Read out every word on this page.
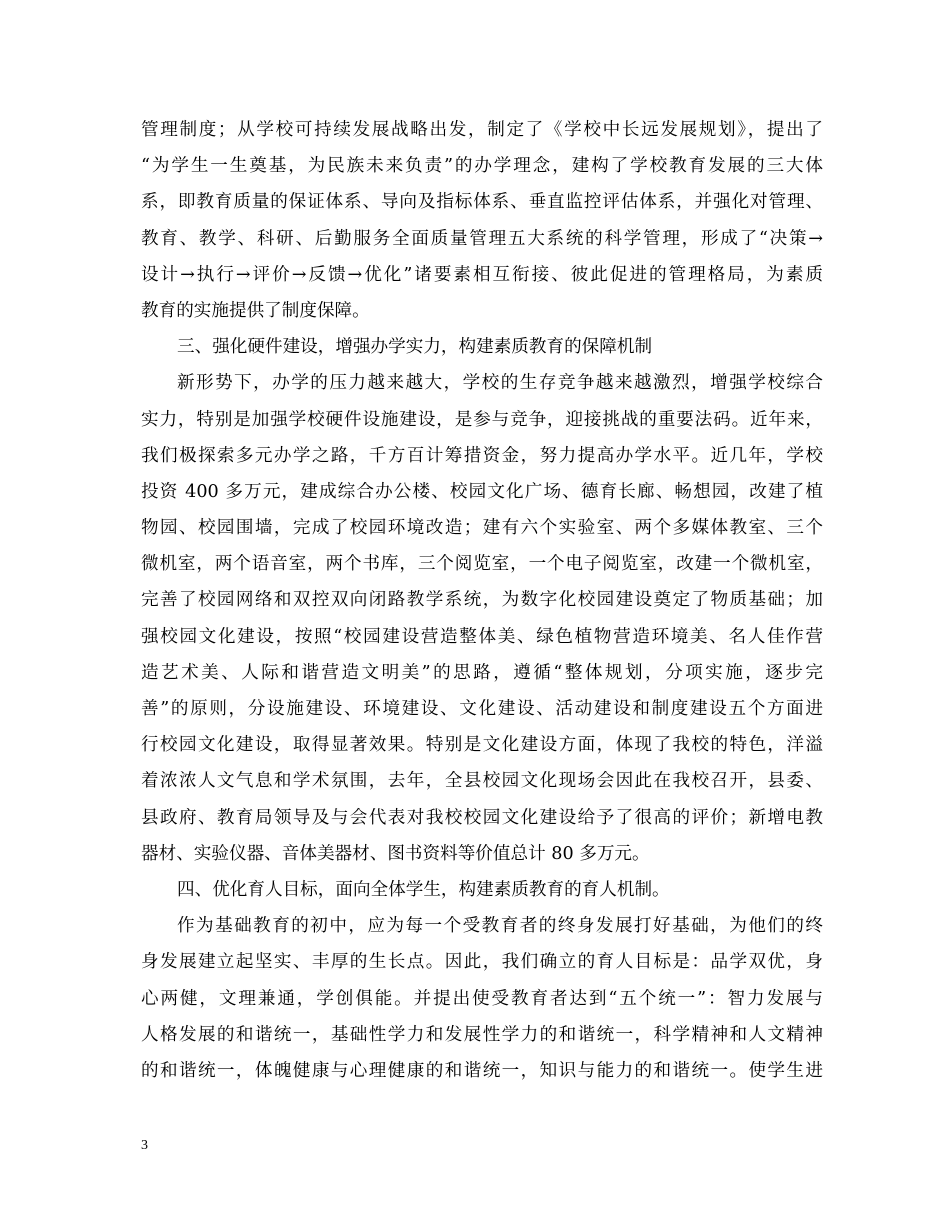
管理制度；从学校可持续发展战略出发，制定了《学校中长远发展规划》，提出了
“为学生一生奠基，为民族未来负责”的办学理念，建构了学校教育发展的三大体
系，即教育质量的保证体系、导向及指标体系、垂直监控评估体系，并强化对管理、
教育、教学、科研、后勤服务全面质量管理五大系统的科学管理，形成了“决策→
设计→执行→评价→反馈→优化”诸要素相互衔接、彼此促进的管理格局，为素质
教育的实施提供了制度保障。
三、强化硬件建设，增强办学实力，构建素质教育的保障机制
新形势下，办学的压力越来越大，学校的生存竞争越来越激烈，增强学校综合
实力，特别是加强学校硬件设施建设，是参与竞争，迎接挑战的重要法码。近年来，
我们极探索多元办学之路，千方百计筹措资金，努力提高办学水平。近几年，学校
投资 400 多万元，建成综合办公楼、校园文化广场、德育长廊、畅想园，改建了植
物园、校园围墙，完成了校园环境改造；建有六个实验室、两个多媒体教室、三个
微机室，两个语音室，两个书库，三个阅览室，一个电子阅览室，改建一个微机室，
完善了校园网络和双控双向闭路教学系统，为数字化校园建设奠定了物质基础；加
强校园文化建设，按照“校园建设营造整体美、绿色植物营造环境美、名人佳作营
造艺术美、人际和谐营造文明美”的思路，遵循“整体规划，分项实施，逐步完
善”的原则，分设施建设、环境建设、文化建设、活动建设和制度建设五个方面进
行校园文化建设，取得显著效果。特别是文化建设方面，体现了我校的特色，洋溢
着浓浓人文气息和学术氛围，去年，全县校园文化现场会因此在我校召开，县委、
县政府、教育局领导及与会代表对我校校园文化建设给予了很高的评价；新增电教
器材、实验仪器、音体美器材、图书资料等价值总计 80 多万元。
四、优化育人目标，面向全体学生，构建素质教育的育人机制。
作为基础教育的初中，应为每一个受教育者的终身发展打好基础，为他们的终
身发展建立起坚实、丰厚的生长点。因此，我们确立的育人目标是：品学双优，身
心两健，文理兼通，学创俱能。并提出使受教育者达到“五个统一”：智力发展与
人格发展的和谐统一，基础性学力和发展性学力的和谐统一，科学精神和人文精神
的和谐统一，体魄健康与心理健康的和谐统一，知识与能力的和谐统一。使学生进
3
